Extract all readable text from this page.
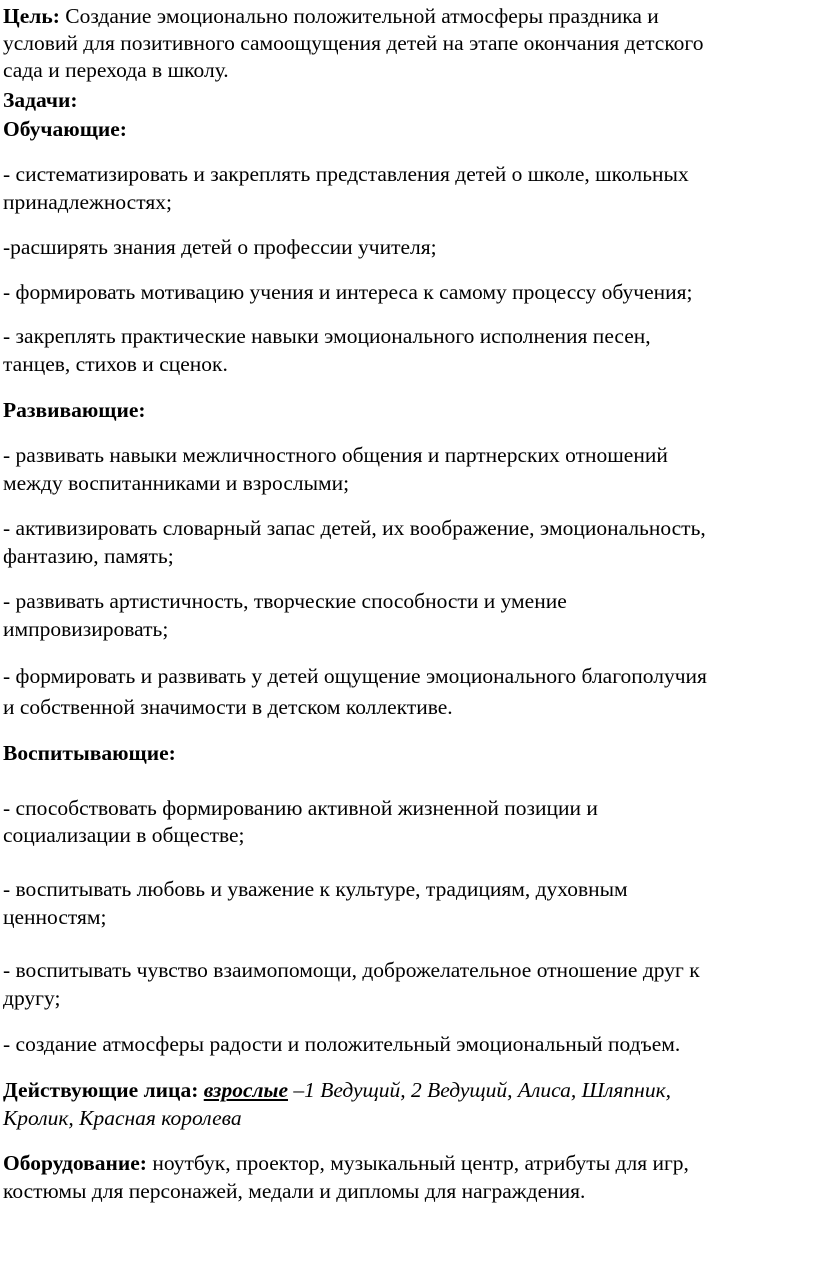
Цель: Создание эмоционально положительной атмосферы праздника и
условий для позитивного самоощущения детей на этапе окончания детского
сада и перехода в школу.
Задачи:
Обучающие:
- систематизировать и закреплять представления детей о школе, школьных
принадлежностях;
-расширять знания детей о профессии учителя;
- формировать мотивацию учения и интереса к самому процессу обучения;
- закреплять практические навыки эмоционального исполнения песен,
танцев, стихов и сценок.
Развивающие:
- развивать навыки межличностного общения и партнерских отношений
между воспитанниками и взрослыми;
- активизировать словарный запас детей, их воображение, эмоциональность,
фантазию, память;
- развивать артистичность, творческие способности и умение
импровизировать;
- формировать и развивать у детей ощущение эмоционального благополучия
и собственной значимости в детском коллективе.
Воспитывающие:
- способствовать формированию активной жизненной позиции и
социализации в обществе;
- воспитывать любовь и уважение к культуре, традициям, духовным
ценностям;
- воспитывать чувство взаимопомощи, доброжелательное отношение друг к
другу;
- создание атмосферы радости и положительный эмоциональный подъем.
Действующие лица: взрослые –1 Ведущий, 2 Ведущий, Алиса, Шляпник,
Кролик, Красная королева
Оборудование: ноутбук, проектор, музыкальный центр, атрибуты для игр,
костюмы для персонажей, медали и дипломы для награждения.
